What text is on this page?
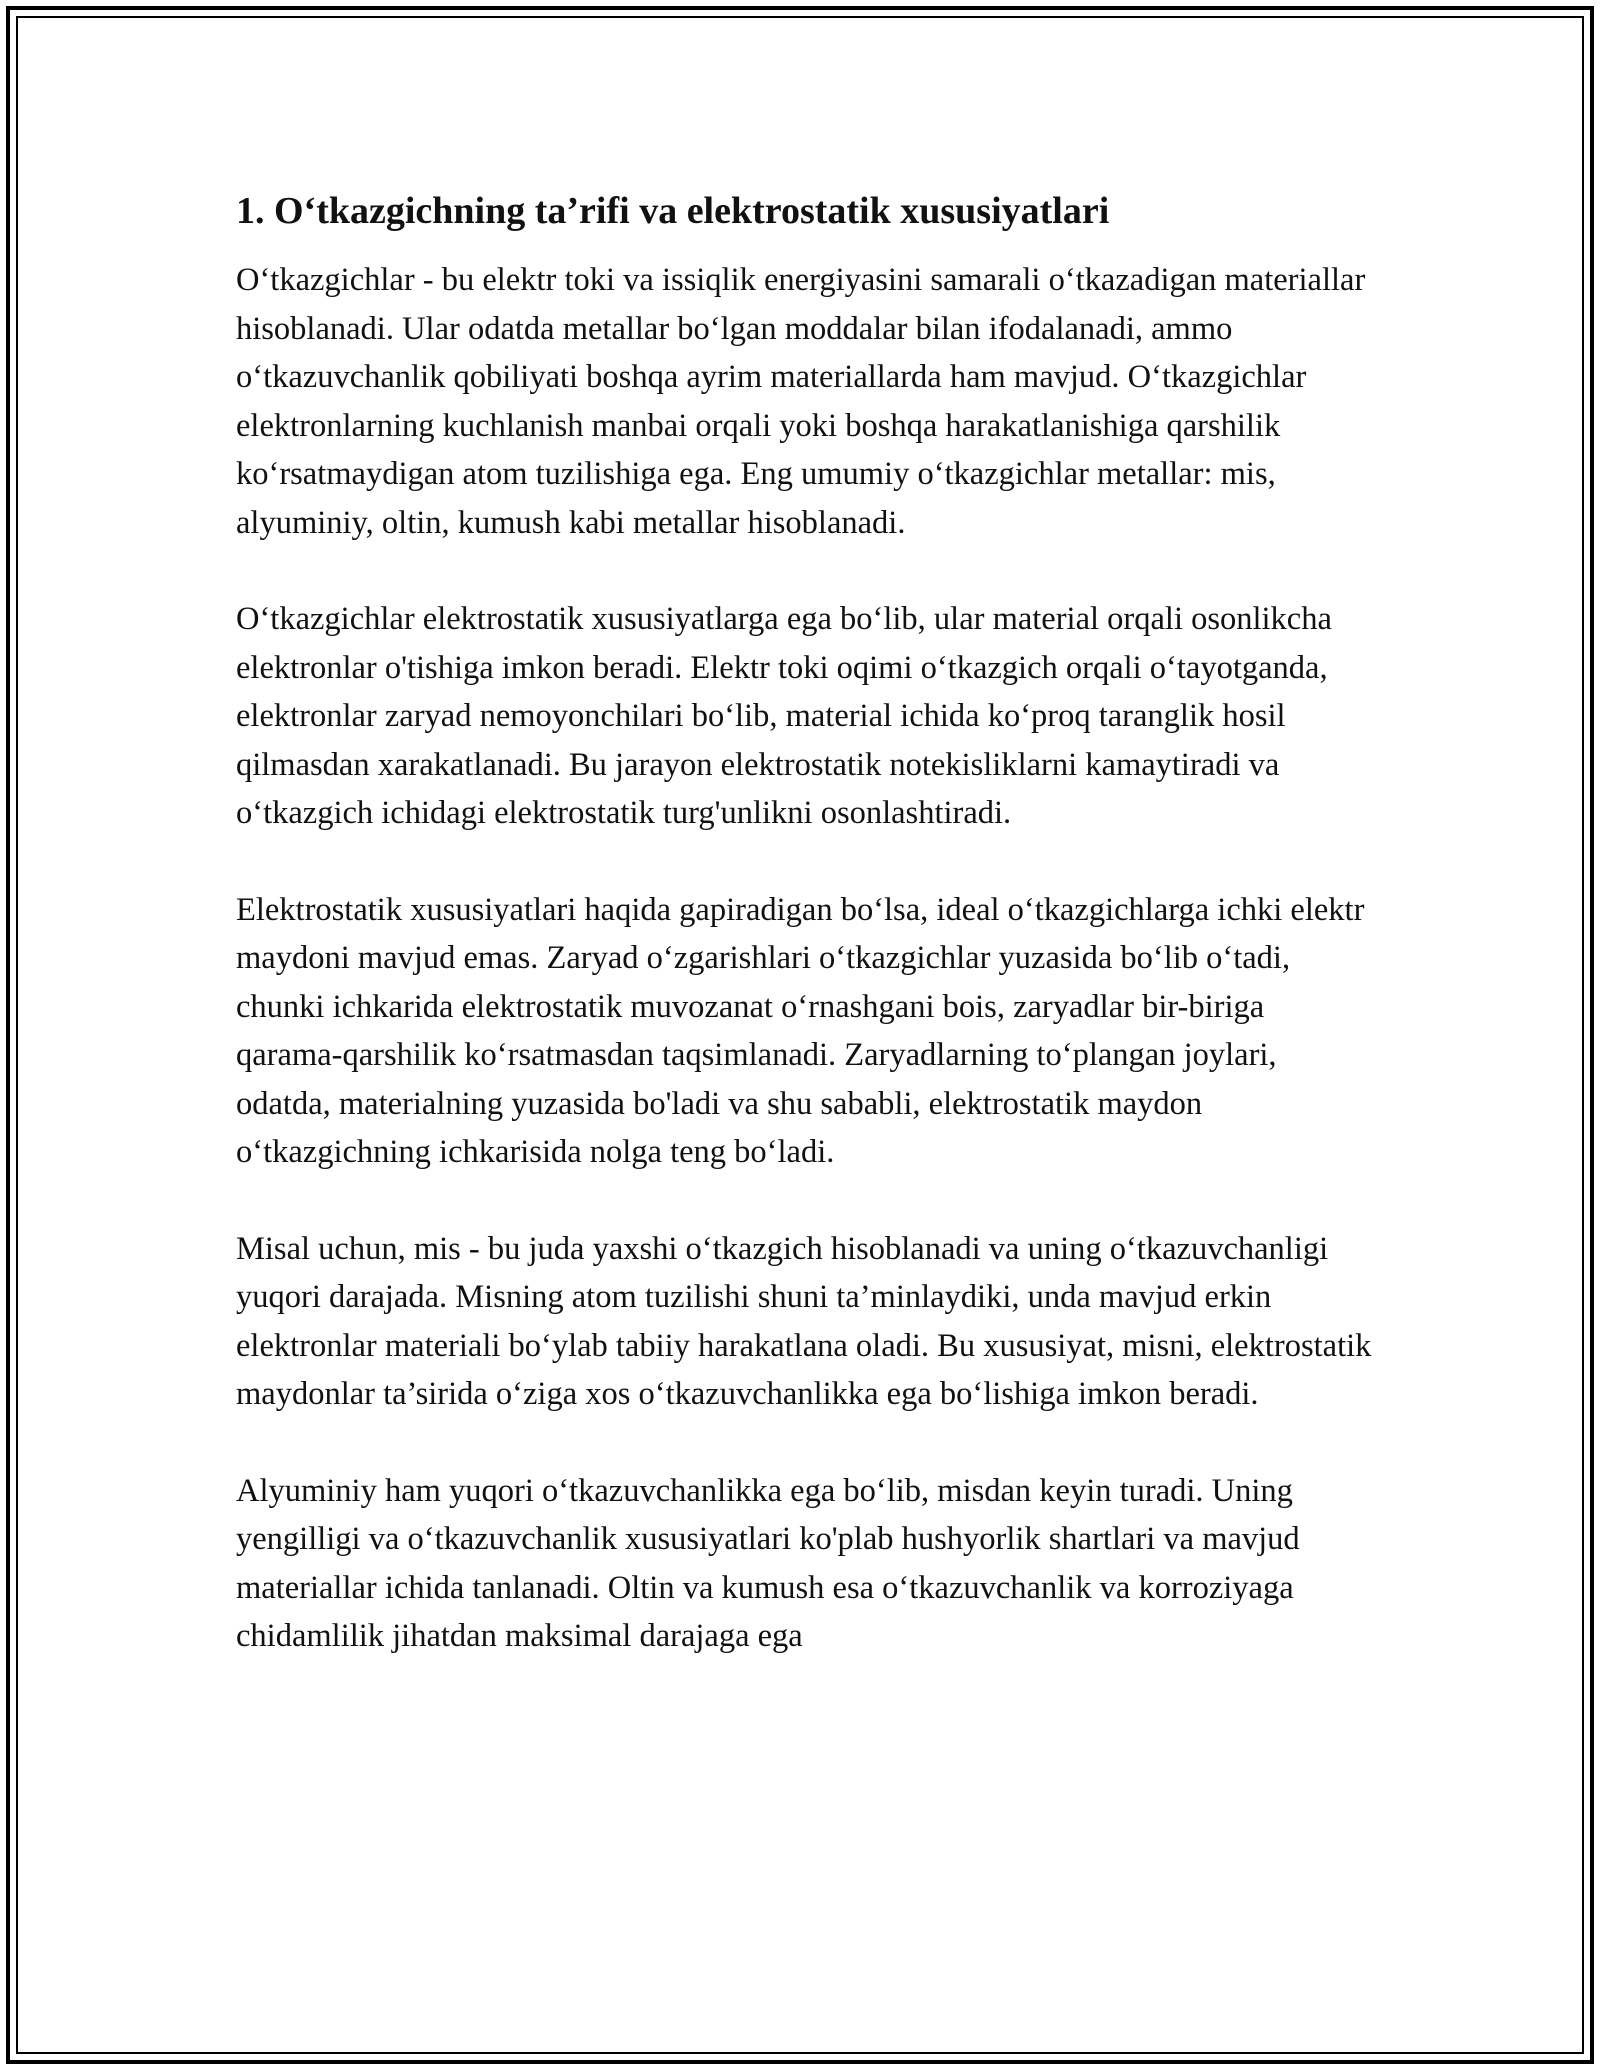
1. O‘tkazgichning ta’rifi va elektrostatik xususiyatlari

O‘tkazgichlar - bu elektr toki va issiqlik energiyasini samarali o‘tkazadigan materiallar hisoblanadi. Ular odatda metallar bo‘lgan moddalar bilan ifodalanadi, ammo o‘tkazuvchanlik qobiliyati boshqa ayrim materiallarda ham mavjud. O‘tkazgichlar elektronlarning kuchlanish manbai orqali yoki boshqa harakatlanishiga qarshilik ko‘rsatmaydigan atom tuzilishiga ega. Eng umumiy o‘tkazgichlar metallar: mis, alyuminiy, oltin, kumush kabi metallar hisoblanadi.

O‘tkazgichlar elektrostatik xususiyatlarga ega bo‘lib, ular material orqali osonlikcha elektronlar o'tishiga imkon beradi. Elektr toki oqimi o‘tkazgich orqali o‘tayotganda, elektronlar zaryad nemoyonchilari bo‘lib, material ichida ko‘proq taranglik hosil qilmasdan xarakatlanadi. Bu jarayon elektrostatik notekisliklarni kamaytiradi va o‘tkazgich ichidagi elektrostatik turg'unlikni osonlashtiradi.

Elektrostatik xususiyatlari haqida gapiradigan bo‘lsa, ideal o‘tkazgichlarga ichki elektr maydoni mavjud emas. Zaryad o‘zgarishlari o‘tkazgichlar yuzasida bo‘lib o‘tadi, chunki ichkarida elektrostatik muvozanat o‘rnashgani bois, zaryadlar bir-biriga qarama-qarshilik ko‘rsatmasdan taqsimlanadi. Zaryadlarning to‘plangan joylari, odatda, materialning yuzasida bo'ladi va shu sababli, elektrostatik maydon o‘tkazgichning ichkarisida nolga teng bo‘ladi.

Misal uchun, mis - bu juda yaxshi o‘tkazgich hisoblanadi va uning o‘tkazuvchanligi yuqori darajada. Misning atom tuzilishi shuni ta’minlaydiki, unda mavjud erkin elektronlar materiali bo‘ylab tabiiy harakatlana oladi. Bu xususiyat, misni, elektrostatik maydonlar ta’sirida o‘ziga xos o‘tkazuvchanlikka ega bo‘lishiga imkon beradi.

Alyuminiy ham yuqori o‘tkazuvchanlikka ega bo‘lib, misdan keyin turadi. Uning yengilligi va o‘tkazuvchanlik xususiyatlari ko'plab hushyorlik shartlari va mavjud materiallar ichida tanlanadi. Oltin va kumush esa o‘tkazuvchanlik va korroziyaga chidamlilik jihatdan maksimal darajaga ega
